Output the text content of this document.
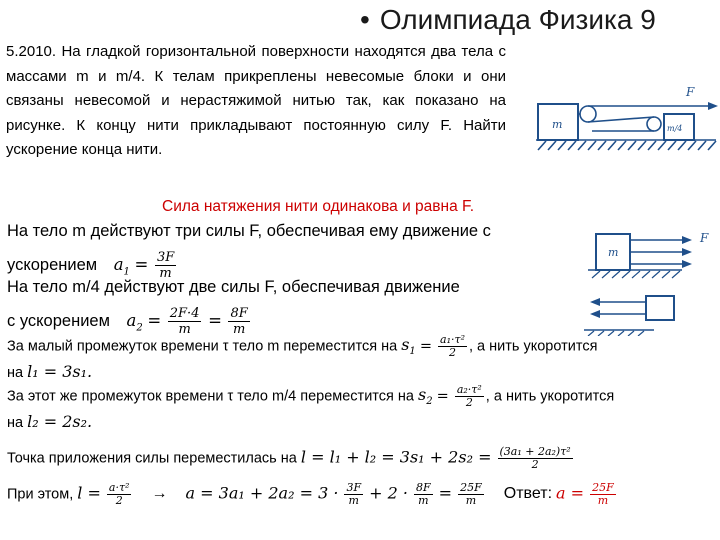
• Олимпиада Физика 9
5.2010. На гладкой горизонтальной поверхности находятся два тела с массами m и m/4. К телам прикреплены невесомые блоки и они связаны невесомой и нерастяжимой нитью так, как показано на рисунке. К концу нити прикладывают постоянную силу F. Найти ускорение конца нити.
m	m/4
F
Сила натяжения нити одинакова и равна F.
На тело m действуют три силы F, обеспечивая ему движение с
ускорением $a_1 = \frac{3F}{m}$
На тело m/4 действуют две силы F, обеспечивая движение
с ускорением $a_2 = \frac{2F\cdot 4}{m} = \frac{8F}{m}$
m
F
За малый промежуток времени τ тело m переместится на $s_1 = \frac{\text{a₁·τ²}}{2}$ , а нить укоротится
на l₁ = 3s₁.
За этот же промежуток времени τ тело m/4 переместится на $s_2 = \frac{\text{a₂·τ²}}{2}$ , а нить укоротится
на l₂ = 2s₂.
Точка приложения силы переместилась на $l = l_1 + l_2 = 3s_1 + 2s_2 = \frac{\text{(3a₁ + 2a₂)τ²}}{2}$
При этом, $l = \frac{\text{a·τ²}}{2} \to a = 3a_1 + 2a_2 = 3 \cdot \frac{3F}{m} + 2 \cdot \frac{8F}{m} = \frac{25F}{m}$ Ответ: $a = \frac{25F}{m}$
